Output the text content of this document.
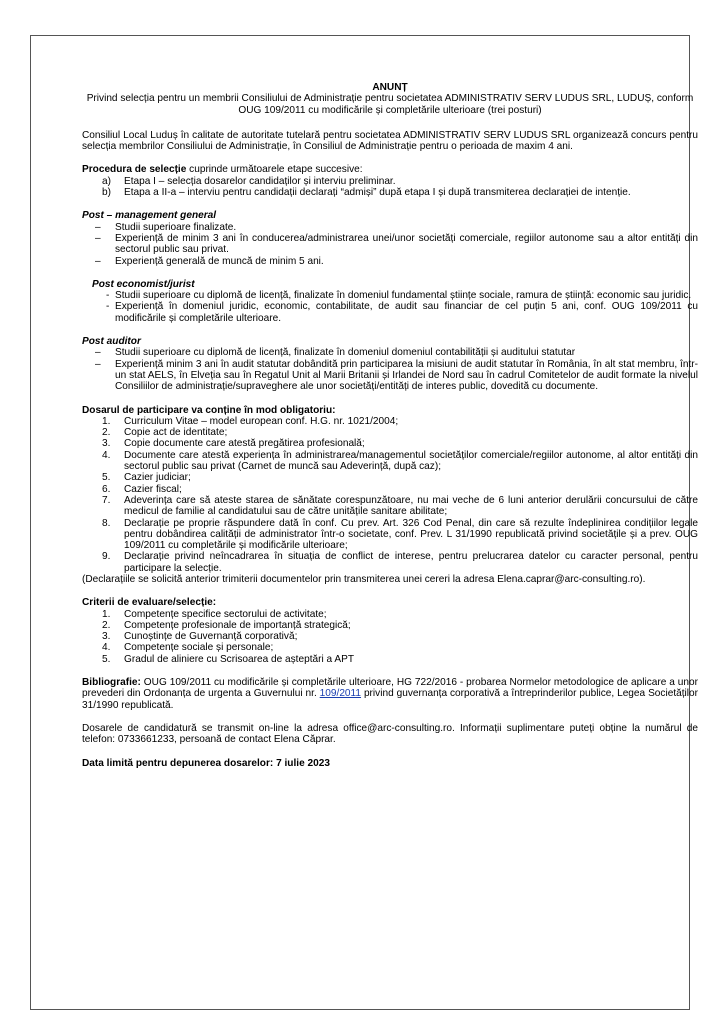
ANUNȚ

Privind selecția pentru un membrii Consiliului de Administrație pentru societatea ADMINISTRATIV SERV LUDUS SRL, LUDUȘ, conform OUG 109/2011 cu modificările și completările ulterioare (trei posturi)

Consiliul Local Luduș în calitate de autoritate tutelară pentru societatea ADMINISTRATIV SERV LUDUS SRL organizează concurs pentru selecția membrilor Consiliului de Administrație, în Consiliul de Administrație pentru o perioada de maxim 4 ani.

Procedura de selecție cuprinde următoarele etape succesive:

a) Etapa I – selecția dosarelor candidaților și interviu preliminar.
b) Etapa a II-a – interviu pentru candidații declarați “admiși” după etapa I și după transmiterea declarației de intenție.

Post – management general

– Studii superioare finalizate.
– Experiență de minim 3 ani în conducerea/administrarea unei/unor societăți comerciale, regiilor autonome sau a altor entități din sectorul public sau privat.
– Experiență generală de muncă de minim 5 ani.

Post economist/jurist

- Studii superioare cu diplomă de licență, finalizate în domeniul fundamental științe sociale, ramura de știință: economic sau juridic.
- Experiență în domeniul juridic, economic, contabilitate, de audit sau financiar de cel puțin 5 ani, conf. OUG 109/2011 cu modificările și completările ulterioare.

Post auditor

– Studii superioare cu diplomă de licență, finalizate în domeniul domeniul contabilității și auditului statutar
– Experiență minim 3 ani în audit statutar dobândită prin participarea la misiuni de audit statutar în România, în alt stat membru, într-un stat AELS, în Elveția sau în Regatul Unit al Marii Britanii și Irlandei de Nord sau în cadrul Comitetelor de audit formate la nivelul Consiliilor de administrație/supraveghere ale unor societăți/entități de interes public, dovedită cu documente.

Dosarul de participare va conține în mod obligatoriu:

1. Curriculum Vitae – model european conf. H.G. nr. 1021/2004;
2. Copie act de identitate;
3. Copie documente care atestă pregătirea profesională;
4. Documente care atestă experiența în administrarea/managementul societăților comerciale/regiilor autonome, al altor entități din sectorul public sau privat (Carnet de muncă sau Adeverință, după caz);
5. Cazier judiciar;
6. Cazier fiscal;
7. Adeverința care să ateste starea de sănătate corespunzătoare, nu mai veche de 6 luni anterior derulării concursului de către medicul de familie al candidatului sau de către unitățile sanitare abilitate;
8. Declarație pe proprie răspundere dată în conf. Cu prev. Art. 326 Cod Penal, din care să rezulte îndeplinirea condițiilor legale pentru dobândirea calității de administrator într-o societate, conf. Prev. L 31/1990 republicată privind societățile și a prev. OUG 109/2011 cu completările și modificările ulterioare;
9. Declarație privind neîncadrarea în situația de conflict de interese, pentru prelucrarea datelor cu caracter personal, pentru participare la selecție.

(Declarațiile se solicită anterior trimiterii documentelor prin transmiterea unei cereri la adresa Elena.caprar@arc-consulting.ro).

Criterii de evaluare/selecție:

1. Competențe specifice sectorului de activitate;
2. Competențe profesionale de importanță strategică;
3. Cunoștințe de Guvernanță corporativă;
4. Competențe sociale și personale;
5. Gradul de aliniere cu Scrisoarea de așteptări a APT

Bibliografie: OUG 109/2011 cu modificările și completările ulterioare, HG 722/2016 - probarea Normelor metodologice de aplicare a unor prevederi din Ordonanța de urgenta a Guvernului nr. 109/2011 privind guvernanța corporativă a întreprinderilor publice, Legea Societăților 31/1990 republicată.

Dosarele de candidatură se transmit on-line la adresa office@arc-consulting.ro. Informații suplimentare puteți obține la numărul de telefon: 0733661233, persoană de contact Elena Căprar.

Data limită pentru depunerea dosarelor: 7 iulie 2023
